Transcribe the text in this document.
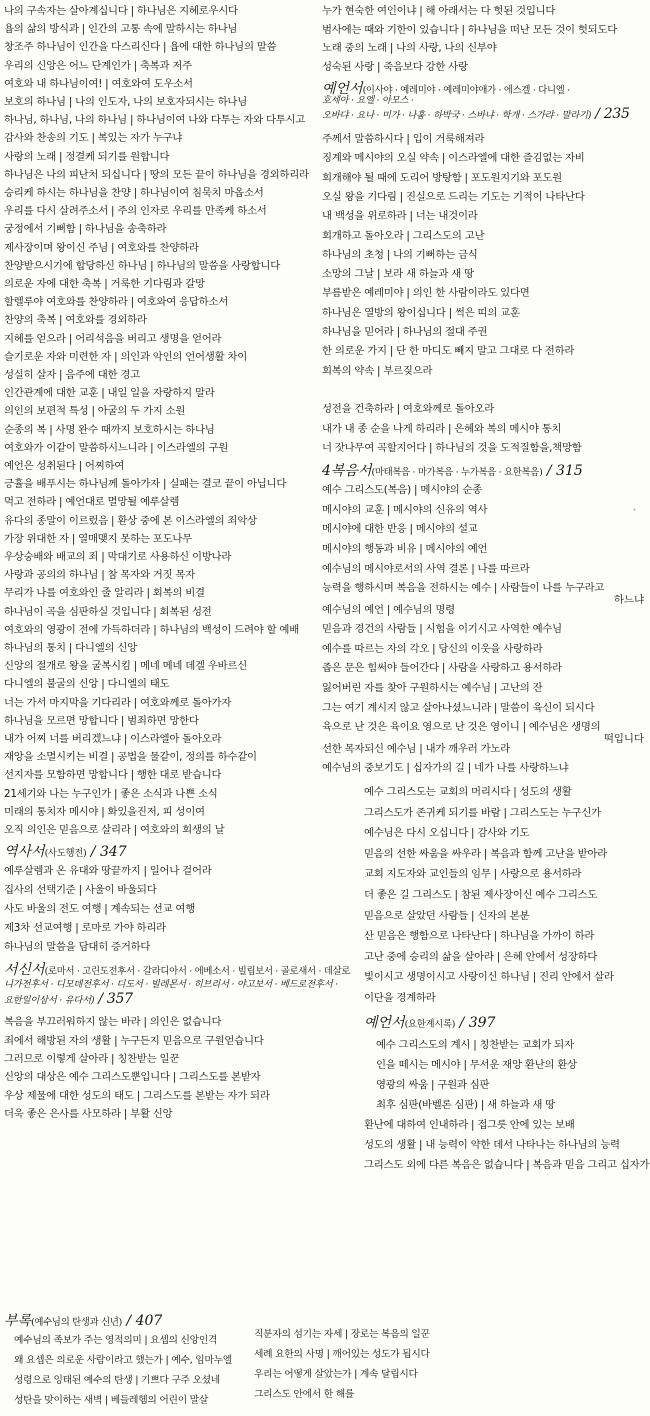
나의 구속자는 살아계십니다 | 하나님은 지혜로우시다
욥의 삶의 방식과 | 인간의 고통 속에 말하시는 하나님
창조주 하나님이 인간을 다스리신다 | 욥에 대한 하나님의 말씀
우리의 신앙은 어느 단계인가 | 축복과 저주
여호와 내 하나님이여! | 여호와여 도우소서
보호의 하나님 | 나의 인도자, 나의 보호자되시는 하나님
하나님, 하나님, 나의 하나님 | 하나님이여 나와 다투는 자와 다투시고
감사와 찬송의 기도 | 복있는 자가 누구냐
사랑의 노래 | 정결케 되기를 원합니다
하나님은 나의 피난처 되십니다 | 땅의 모든 끝이 하나님을 경외하리라
승리케 하시는 하나님을 찬양 | 하나님이여 침묵치 마옵소서
우리를 다시 살려주소서 | 주의 인자로 우리를 만족케 하소서
궁정에서 기뻐함 | 하나님을 송축하라
제사장이며 왕이신 주님 | 여호와를 찬양하라
찬양받으시기에 합당하신 하나님 | 하나님의 말씀을 사랑합니다
의로운 자에 대한 축복 | 거룩한 기다림과 갈망
할렐루야 여호와를 찬양하라 | 여호와여 응답하소서
찬양의 축복 | 여호와를 경외하라
지혜를 얻으라 | 어리석음을 버리고 생명을 얻어라
슬기로운 자와 미련한 자 | 의인과 악인의 언어생활 차이
성실히 살자 | 음주에 대한 경고
인간관계에 대한 교훈 | 내일 일을 자랑하지 말라
의인의 보편적 특성 | 아굴의 두 가지 소원
순종의 복 | 사명 완수 때까지 보호하시는 하나님
여호와가 이같이 말씀하시느니라 | 이스라엘의 구원
예언은 성취된다 | 어찌하여
긍휼을 배푸시는 하나님께 돌아가자 | 실패는 결코 끝이 아닙니다
먹고 전하라 | 예언대로 멸망될 예루살렘
유다의 종말이 이르렀음 | 환상 중에 본 이스라엘의 죄악상
가장 위대한 자 | 열매맺지 못하는 포도나무
우상숭배와 배교의 죄 | 막대기로 사용하신 이방나라
사랑과 공의의 하나님 | 참 목자와 거짓 목자
무리가 나를 여호와인 줄 알리라 | 회복의 비결
하나님이 곡을 심판하실 것입니다 | 회복된 성전
여호와의 영광이 전에 가득하더라 | 하나님의 백성이 드려야 할 예배
하나님의 통치 | 다니엘의 신앙
신앙의 절개로 왕을 굴복시킴 | 메네 메네 데겔 우바르신
다니엘의 불굴의 신앙 | 다니엘의 태도
너는 가서 마지막을 기다리라 | 여호와께로 돌아가자
하나님을 모르면 망합니다 | 범죄하면 망한다
내가 어찌 너를 버리겠느냐 | 이스라엘아 돌아오라
재앙을 소멸시키는 비결 | 공법을 물같이, 정의를 하수같이
선지자를 모함하면 망합니다 | 행한 대로 받습니다
21세기와 나는 누구인가 | 좋은 소식과 나쁜 소식
미래의 통치자 메시야 | 화있을진저, 피 성이여
오직 의인은 믿음으로 살리라 | 여호와의 회생의 날
역사서(사도행전) / 347
예루살렘과 온 유대와 땅끝까지 | 일어나 걸어라
집사의 선택기준 | 사울이 바울되다
사도 바울의 전도 여행 | 계속되는 선교 여행
제3차 선교여행 | 로마로 가야 하리라
하나님의 말씀을 담대히 증거하다
서신서(로마서 · 고린도전후서 · 갈라디아서 · 에베소서 · 빌립보서 · 골로새서 · 데살로
니가전후서 · 디모데전후서 · 디도서 · 빌레몬서 · 히브리서 · 야고보서 · 베드로전후서 ·
요한일이삼서 · 유다서) / 357
복음을 부끄러워하지 않는 바라 | 의인은 없습니다
죄에서 해방된 자의 생활 | 누구든지 믿음으로 구원얻습니다
그러므로 이렇게 살아라 | 칭찬받는 일꾼
신앙의 대상은 예수 그리스도뿐입니다 | 그리스도를 본받자
우상 제물에 대한 성도의 태도 | 그리스도를 본받는 자가 되라
더욱 좋은 은사를 사모하라 | 부활 신앙
누가 현숙한 여인이냐 | 해 아래서는 다 헛된 것입니다
범사에는 때와 기한이 있습니다 | 하나님을 떠난 모든 것이 헛되도다
노래 중의 노래 | 나의 사랑, 나의 신부야
성숙된 사랑 | 죽음보다 강한 사랑
예언서(이사야 · 예레미야 · 예레미야애가 · 에스겔 · 다니엘 ·
호세아 · 요엘 · 아모스 ·
오바댜 · 요나 · 미가 · 나훔 · 하박국 · 스바냐 · 학개 · 스가랴 · 말라기) / 235
주께서 말씀하시다 | 입이 거룩해져라
징계와 메시야의 오실 약속 | 이스라엘에 대한 즐김없는 자비
회개해야 될 때에 도리어 방탕함 | 포도원지기와 포도원
오실 왕을 기다림 | 진실으로 드리는 기도는 기적이 나타난다
내 백성을 위로하라 | 너는 내것이라
회개하고 돌아오라 | 그리스도의 고난
하나님의 초청 | 나의 기뻐하는 금식
소망의 그날 | 보라 새 하늘과 새 땅
부름받은 예레미야 | 의인 한 사람이라도 있다면
하나님은 열방의 왕이십니다 | 썩은 띠의 교훈
하나님을 믿어라 | 하나님의 절대 주권
한 의로운 가지 | 단 한 마디도 빼지 말고 그대로 다 전하라
회복의 약속 | 부르짖으라
성전을 건축하라 | 여호와께로 돌아오라
내가 내 종 순을 나게 하리라 | 은혜와 복의 메시야 통치
너 잣나무여 곡할지어다 | 하나님의 것을 도적질함을,책망함
4복음서(마태복음 · 마가복음 · 누가복음 · 요한복음) / 315
예수 그리스도(복음) | 메시야의 순종
메시야의 교훈 | 메시야의 신유의 역사
메시야에 대한 반응 | 메시야의 설교
메시야의 행동과 비유 | 메시야의 예언
예수님의 메시야로서의 사역 결론 | 나를 따르라
능력을 행하시며 복음을 전하시는 예수 | 사람들이 나를 누구라고
하느냐
예수님의 예언 | 예수님의 명령
믿음과 경건의 사람들 | 시험을 이기시고 사역한 예수님
예수를 따르는 자의 각오 | 당신의 이웃을 사랑하라
좁은 문은 힘써야 들어간다 | 사람을 사랑하고 용서하라
잃어버린 자를 찾아 구원하시는 예수님 | 고난의 잔
그는 여기 계시지 않고 살아나셨느니라 | 말씀이 육신이 되시다
육으로 난 것은 육이요 영으로 난 것은 영이니 | 예수님은 생명의
떡입니다
선한 목자되신 예수님 | 내가 깨우러 가노라
예수님의 중보기도 | 십자가의 길 | 네가 나를 사랑하느냐
예수 그리스도는 교회의 머리시다 | 성도의 생활
그리스도가 존귀케 되기를 바람 | 그리스도는 누구신가
예수님은 다시 오십니다 | 감사와 기도
믿음의 선한 싸움을 싸우라 | 복음과 함께 고난을 받아라
교회 지도자와 교인들의 임무 | 사랑으로 용서하라
더 좋은 길 그리스도 | 참된 제사장이신 예수 그리스도
믿음으로 살았던 사람들 | 신자의 본분
산 믿음은 행함으로 나타난다 | 하나님을 가까이 하라
고난 중에 승리의 삶을 살아라 | 은혜 안에서 성장하다
빛이시고 생명이시고 사랑이신 하나님 | 진리 안에서 살라
이단을 경계하라
예언서(요한계시록) / 397
예수 그리스도의 계시 | 칭찬받는 교회가 되자
인을 떼시는 메시야 | 무서운 재앙 환난의 환상
영광의 싸움 | 구원과 심판
최후 심판(바벨론 심판) | 새 하늘과 새 땅
환난에 대하여 인내하라 | 접그릇 안에 있는 보배
성도의 생활 | 내 능력이 약한 데서 나타나는 하나님의 능력
그리스도 외에 다른 복음은 없습니다 | 복음과 믿음 그리고 십자가
부록(예수님의 탄생과 신년) / 407
예수님의 족보가 주는 영적의미 | 요셉의 신앙인격
왜 요셉은 의로운 사람이라고 했는가 | 예수, 임마누엘
성령으로 잉태된 예수의 탄생 | 기쁘다 구주 오셨네
성탄을 맞이하는 새벽 | 베들레헴의 어린이 말살
직분자의 섬기는 자세 | 장로는 복음의 일꾼
세례 요한의 사명 | 깨어있는 성도가 됩시다
우리는 어떻게 살았는가 | 계속 달립시다
그리스도 안에서 한 해를
·
